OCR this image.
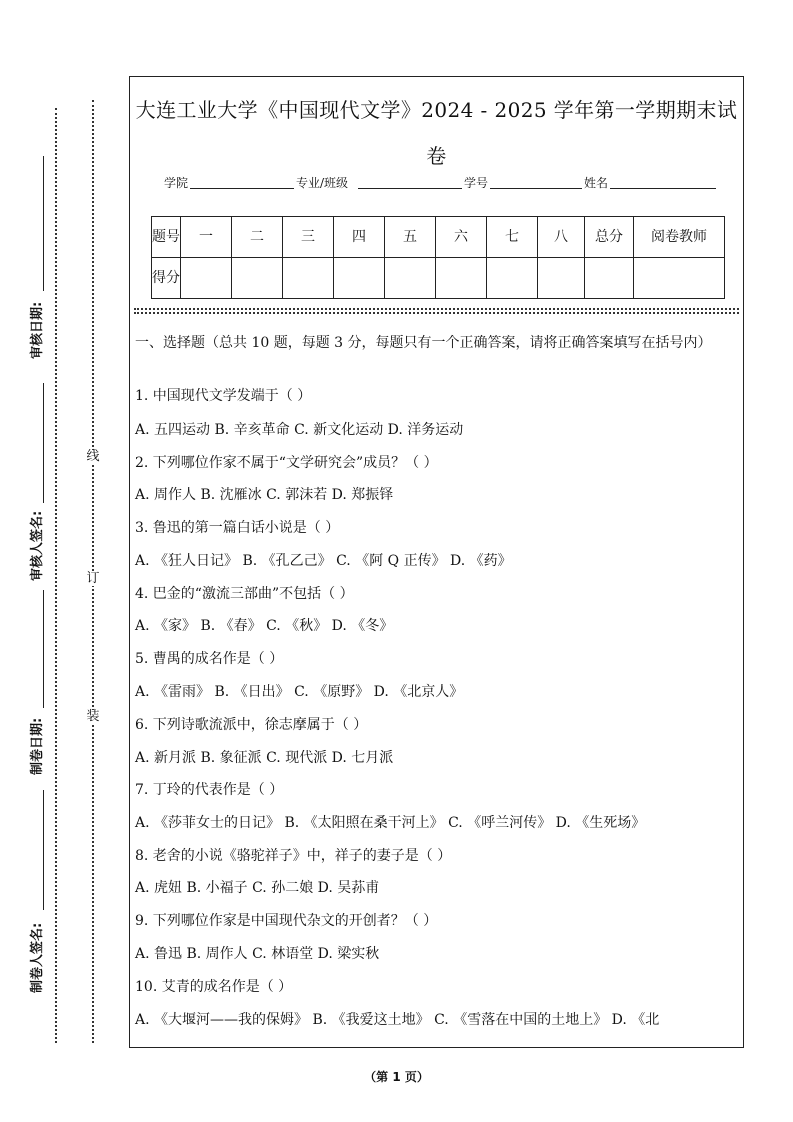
审核日期:
审核人签名:
制卷日期:
制卷人签名:
线
订
装
大连工业大学《中国现代文学》2024 - 2025 学年第一学期期末试卷
学院	专业/班级	学号	姓名
题号	一	二	三	四	五	六	七	八	总分	阅卷教师
得分										
一、选择题（总共 10 题，每题 3 分，每题只有一个正确答案，请将正确答案填写在括号内）
1. 中国现代文学发端于（ ）
A. 五四运动 B. 辛亥革命 C. 新文化运动 D. 洋务运动
2. 下列哪位作家不属于“文学研究会”成员？（ ）
A. 周作人 B. 沈雁冰 C. 郭沫若 D. 郑振铎
3. 鲁迅的第一篇白话小说是（ ）
A. 《狂人日记》 B. 《孔乙己》 C. 《阿 Q 正传》 D. 《药》
4. 巴金的“激流三部曲”不包括（ ）
A. 《家》 B. 《春》 C. 《秋》 D. 《冬》
5. 曹禺的成名作是（ ）
A. 《雷雨》 B. 《日出》 C. 《原野》 D. 《北京人》
6. 下列诗歌流派中，徐志摩属于（ ）
A. 新月派 B. 象征派 C. 现代派 D. 七月派
7. 丁玲的代表作是（ ）
A. 《莎菲女士的日记》 B. 《太阳照在桑干河上》 C. 《呼兰河传》 D. 《生死场》
8. 老舍的小说《骆驼祥子》中，祥子的妻子是（ ）
A. 虎妞 B. 小福子 C. 孙二娘 D. 吴荪甫
9. 下列哪位作家是中国现代杂文的开创者？（ ）
A. 鲁迅 B. 周作人 C. 林语堂 D. 梁实秋
10. 艾青的成名作是（ ）
A. 《大堰河——我的保姆》 B. 《我爱这土地》 C. 《雪落在中国的土地上》 D. 《北
（第 1 页）
